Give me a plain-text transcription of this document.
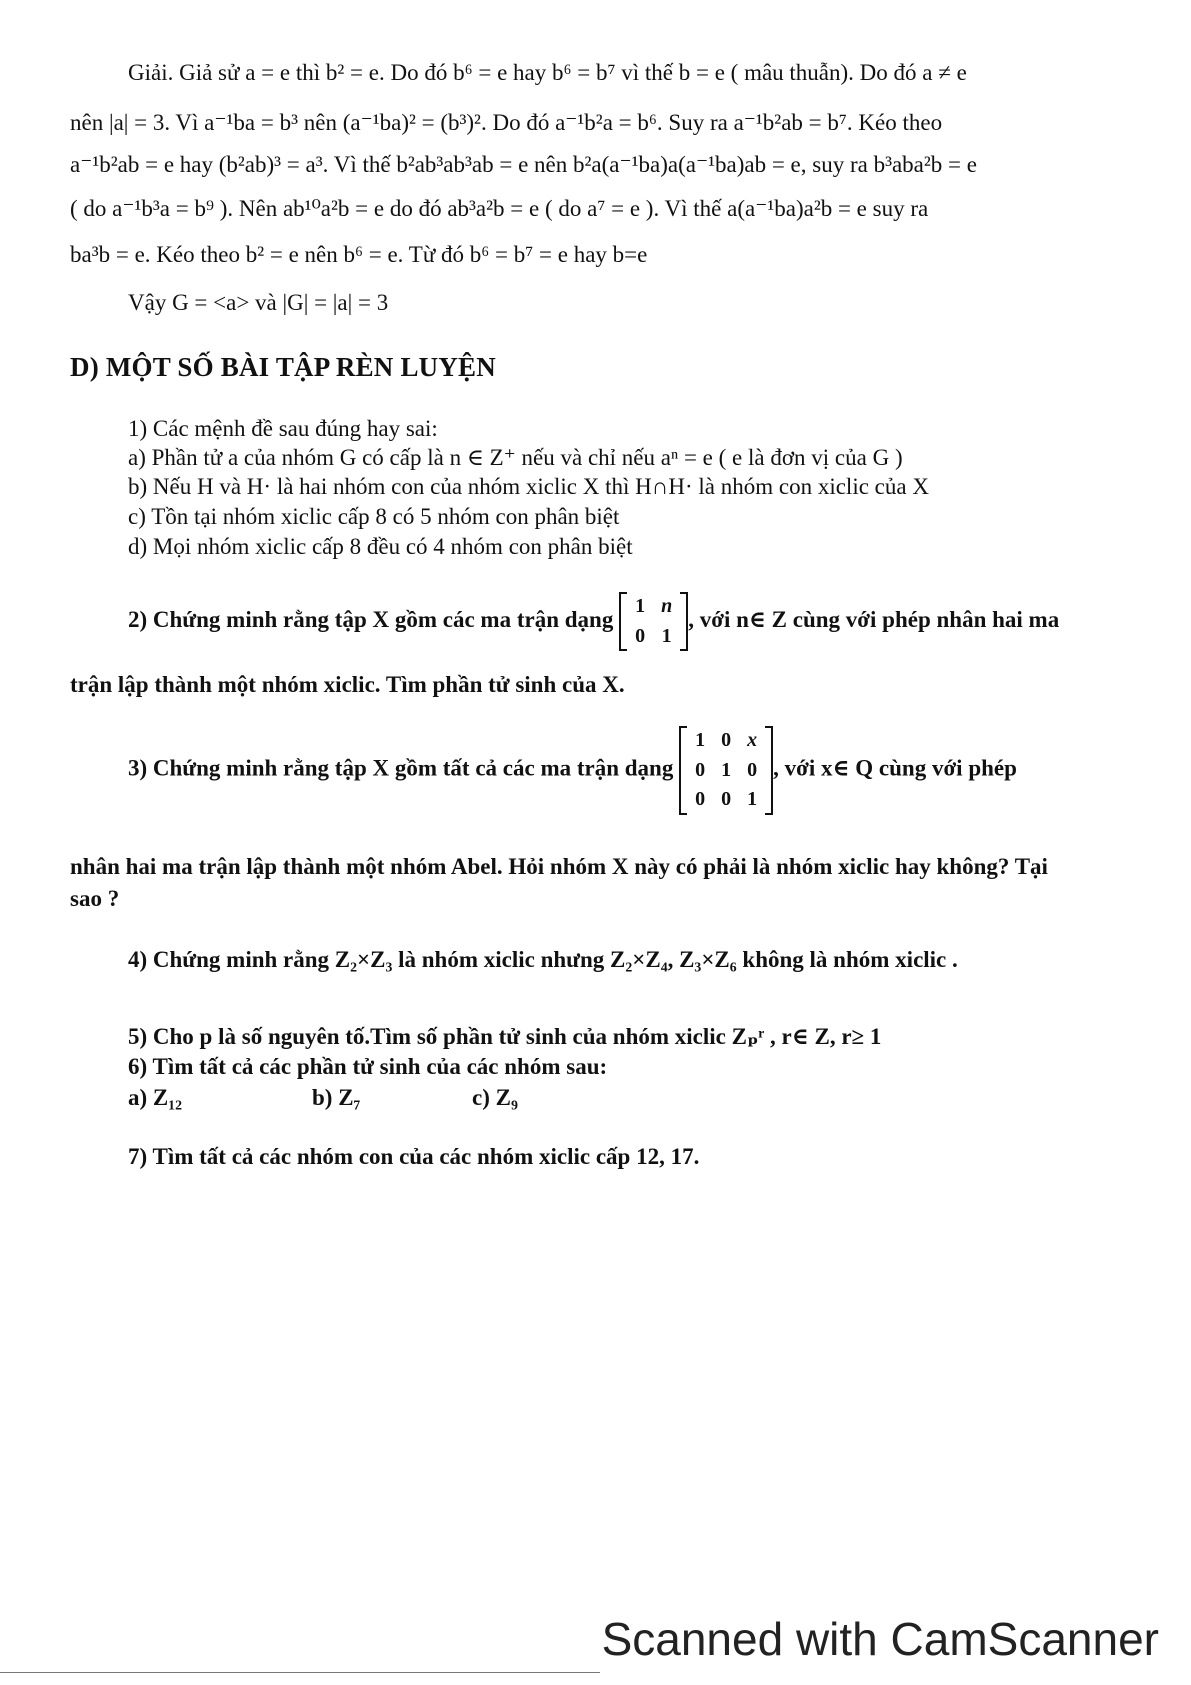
Giải. Giả sử a = e thì b² = e. Do đó b⁶ = e hay b⁶ = b⁷ vì thế b = e ( mâu thuẫn). Do đó a ≠ e
nên |a| = 3. Vì a⁻¹ba = b³ nên (a⁻¹ba)² = (b³)². Do đó a⁻¹b²a = b⁶. Suy ra a⁻¹b²ab = b⁷. Kéo theo
a⁻¹b²ab = e hay (b²ab)³ = a³. Vì thế b²ab³ab³ab = e nên b²a(a⁻¹ba)a(a⁻¹ba)ab = e, suy ra b³aba²b = e
( do a⁻¹b³a = b⁹ ). Nên ab¹⁰a²b = e do đó ab³a²b = e ( do a⁷ = e ). Vì thế a(a⁻¹ba)a²b = e suy ra
ba³b = e. Kéo theo b² = e nên b⁶ = e. Từ đó b⁶ = b⁷ = e hay b=e
Vậy G = <a> và |G| = |a| = 3
D) MỘT SỐ BÀI TẬP RÈN LUYỆN
1) Các mệnh đề sau đúng hay sai:
a) Phần tử a của nhóm G có cấp là n ∈ Z⁺ nếu và chỉ nếu aⁿ = e ( e là đơn vị của G )
b) Nếu H và H· là hai nhóm con của nhóm xiclic X thì H∩H· là nhóm con xiclic của X
c) Tồn tại nhóm xiclic cấp 8 có 5 nhóm con phân biệt
d) Mọi nhóm xiclic cấp 8 đều có 4 nhóm con phân biệt
2) Chứng minh rằng tập X gồm các ma trận dạng
1	n
0	1
, với n∈ Z cùng với phép nhân hai ma
trận lập thành một nhóm xiclic. Tìm phần tử sinh của X.
3) Chứng minh rằng tập X gồm tất cả các ma trận dạng
1	0	x
0	1	0
0	0	1
, với x∈ Q cùng với phép
nhân hai ma trận lập thành một nhóm Abel. Hỏi nhóm X này có phải là nhóm xiclic hay không? Tại
sao ?
4) Chứng minh rằng Z₂×Z₃ là nhóm xiclic nhưng Z₂×Z₄, Z₃×Z₆ không là nhóm xiclic .
5) Cho p là số nguyên tố.Tìm số phần tử sinh của nhóm xiclic Zₚʳ , r∈ Z, r≥ 1
6) Tìm tất cả các phần tử sinh của các nhóm sau:
a) Z₁₂	b) Z₇	c) Z₉
7) Tìm tất cả các nhóm con của các nhóm xiclic cấp 12, 17.
Scanned with CamScanner
